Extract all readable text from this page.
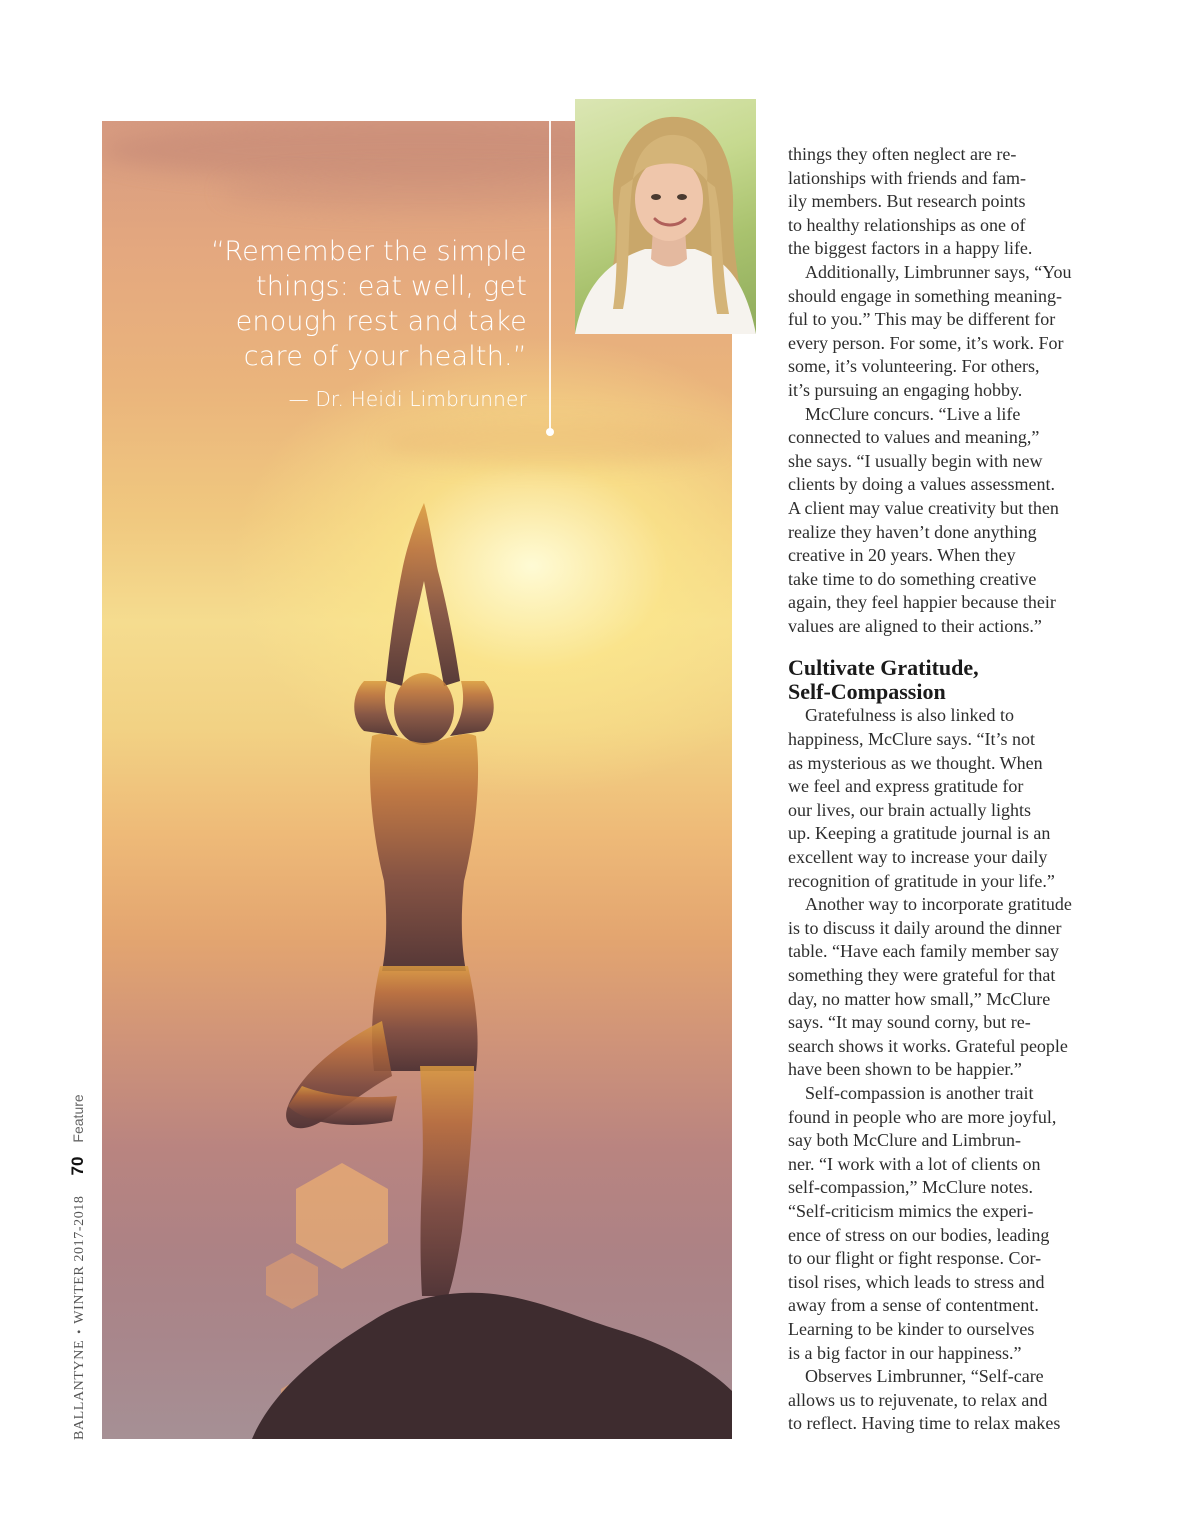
“Remember the simple
things: eat well, get
enough rest and take
care of your health.”

— Dr. Heidi Limbrunner
BALLANTYNE
•
WINTER 2017-2018
70
Feature
things they often neglect are re-
lationships with friends and fam-
ily members. But research points
to healthy relationships as one of
the biggest factors in a happy life.
Additionally, Limbrunner says, “You
should engage in something meaning-
ful to you.” This may be different for
every person. For some, it’s work. For
some, it’s volunteering. For others,
it’s pursuing an engaging hobby.
McClure concurs. “Live a life
connected to values and meaning,”
she says. “I usually begin with new
clients by doing a values assessment.
A client may value creativity but then
realize they haven’t done anything
creative in 20 years. When they
take time to do something creative
again, they feel happier because their
values are aligned to their actions.”
Cultivate Gratitude,
Self-Compassion
Gratefulness is also linked to
happiness, McClure says. “It’s not
as mysterious as we thought. When
we feel and express gratitude for
our lives, our brain actually lights
up. Keeping a gratitude journal is an
excellent way to increase your daily
recognition of gratitude in your life.”
Another way to incorporate gratitude
is to discuss it daily around the dinner
table. “Have each family member say
something they were grateful for that
day, no matter how small,” McClure
says. “It may sound corny, but re-
search shows it works. Grateful people
have been shown to be happier.”
Self-compassion is another trait
found in people who are more joyful,
say both McClure and Limbrun-
ner. “I work with a lot of clients on
self-compassion,” McClure notes.
“Self-criticism mimics the experi-
ence of stress on our bodies, leading
to our flight or fight response. Cor-
tisol rises, which leads to stress and
away from a sense of contentment.
Learning to be kinder to ourselves
is a big factor in our happiness.”
Observes Limbrunner, “Self-care
allows us to rejuvenate, to relax and
to reflect. Having time to relax makes
